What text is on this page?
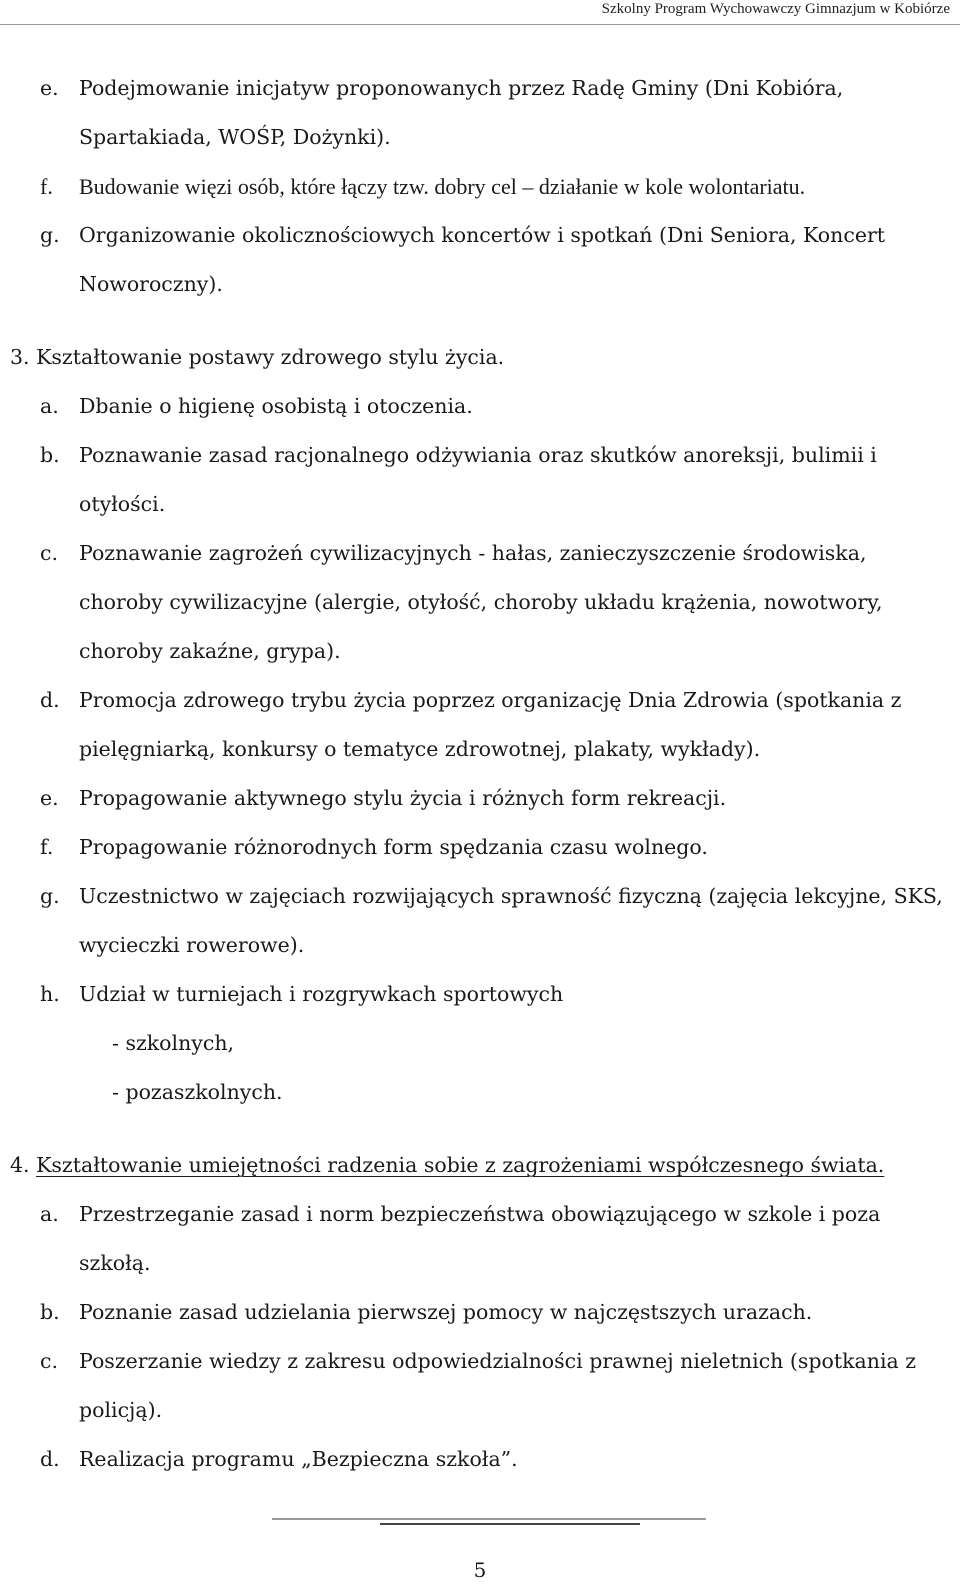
Szkolny Program Wychowawczy Gimnazjum w Kobiórze
e. Podejmowanie inicjatyw proponowanych przez Radę Gminy (Dni Kobióra, Spartakiada, WOŚP, Dożynki).
f. Budowanie więzi osób, które łączy tzw. dobry cel – działanie w kole wolontariatu.
g. Organizowanie okolicznościowych koncertów i spotkań (Dni Seniora, Koncert Noworoczny).
3. Kształtowanie postawy zdrowego stylu życia.
a. Dbanie o higienę osobistą i otoczenia.
b. Poznawanie zasad racjonalnego odżywiania oraz skutków anoreksji, bulimii i otyłości.
c. Poznawanie zagrożeń cywilizacyjnych - hałas, zanieczyszczenie środowiska, choroby cywilizacyjne (alergie, otyłość, choroby układu krążenia, nowotwory, choroby zakaźne, grypa).
d. Promocja zdrowego trybu życia poprzez organizację Dnia Zdrowia (spotkania z pielęgniarką, konkursy o tematyce zdrowotnej, plakaty, wykłady).
e. Propagowanie aktywnego stylu życia i różnych form rekreacji.
f. Propagowanie różnorodnych form spędzania czasu wolnego.
g. Uczestnictwo w zajęciach rozwijających sprawność fizyczną (zajęcia lekcyjne, SKS, wycieczki rowerowe).
h. Udział w turniejach i rozgrywkach sportowych
- szkolnych,
- pozaszkolnych.
4. Kształtowanie umiejętności radzenia sobie z zagrożeniami współczesnego świata.
a. Przestrzeganie zasad i norm bezpieczeństwa obowiązującego w szkole i poza szkołą.
b. Poznanie zasad udzielania pierwszej pomocy w najczęstszych urazach.
c. Poszerzanie wiedzy z zakresu odpowiedzialności prawnej nieletnich (spotkania z policją).
d. Realizacja programu „Bezpieczna szkoła”.
5
